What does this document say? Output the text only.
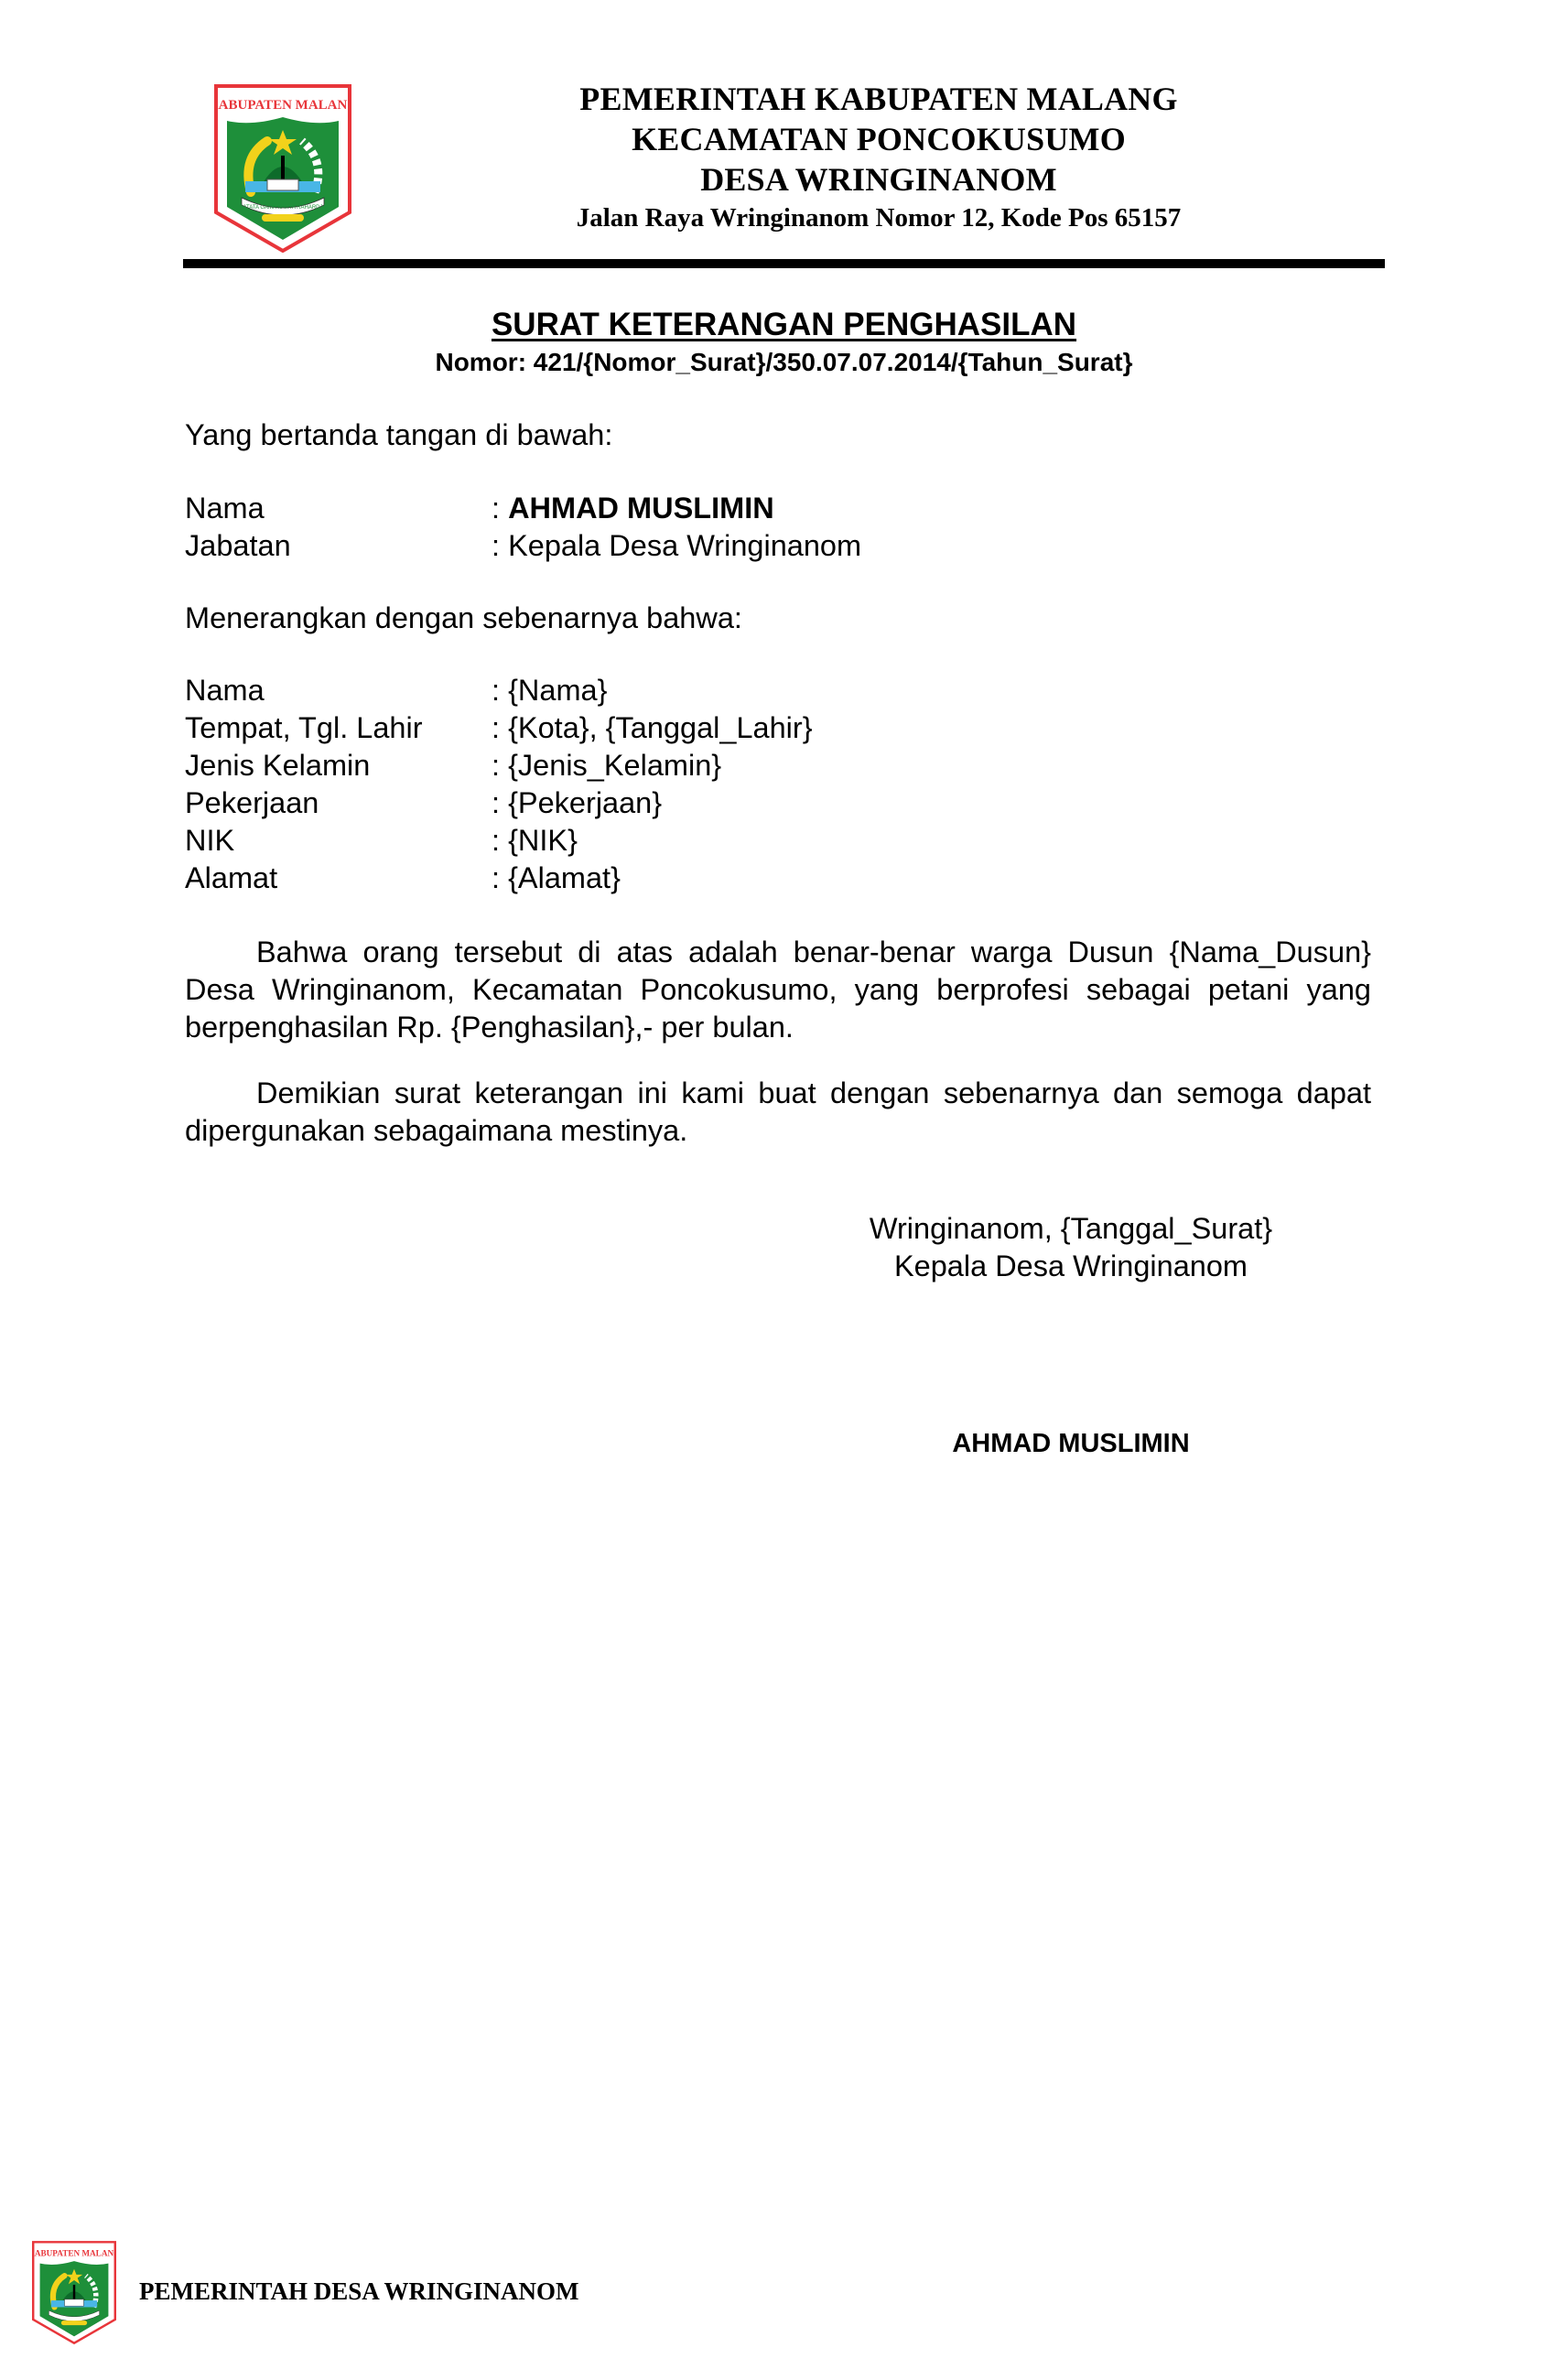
KABUPATEN MALANG
SATATA GAMA KARTA RAHARDJA
PEMERINTAH KABUPATEN MALANG
KECAMATAN PONCOKUSUMO
DESA WRINGINANOM
Jalan Raya Wringinanom Nomor 12, Kode Pos 65157
SURAT KETERANGAN PENGHASILAN
Nomor: 421/{Nomor_Surat}/350.07.07.2014/{Tahun_Surat}
Yang bertanda tangan di bawah:
Nama	: AHMAD MUSLIMIN
Jabatan	: Kepala Desa Wringinanom
Menerangkan dengan sebenarnya bahwa:
Nama	: {Nama}
Tempat, Tgl. Lahir	: {Kota}, {Tanggal_Lahir}
Jenis Kelamin	: {Jenis_Kelamin}
Pekerjaan	: {Pekerjaan}
NIK	: {NIK}
Alamat	: {Alamat}

Bahwa orang tersebut di atas adalah benar-benar warga Dusun {Nama_Dusun} Desa Wringinanom, Kecamatan Poncokusumo, yang berprofesi sebagai petani yang berpenghasilan Rp. {Penghasilan},- per bulan.

Demikian surat keterangan ini kami buat dengan sebenarnya dan semoga dapat dipergunakan sebagaimana mestinya.

Wringinanom, {Tanggal_Surat}
Kepala Desa Wringinanom
AHMAD MUSLIMIN
KABUPATEN MALANG
PEMERINTAH DESA WRINGINANOM
